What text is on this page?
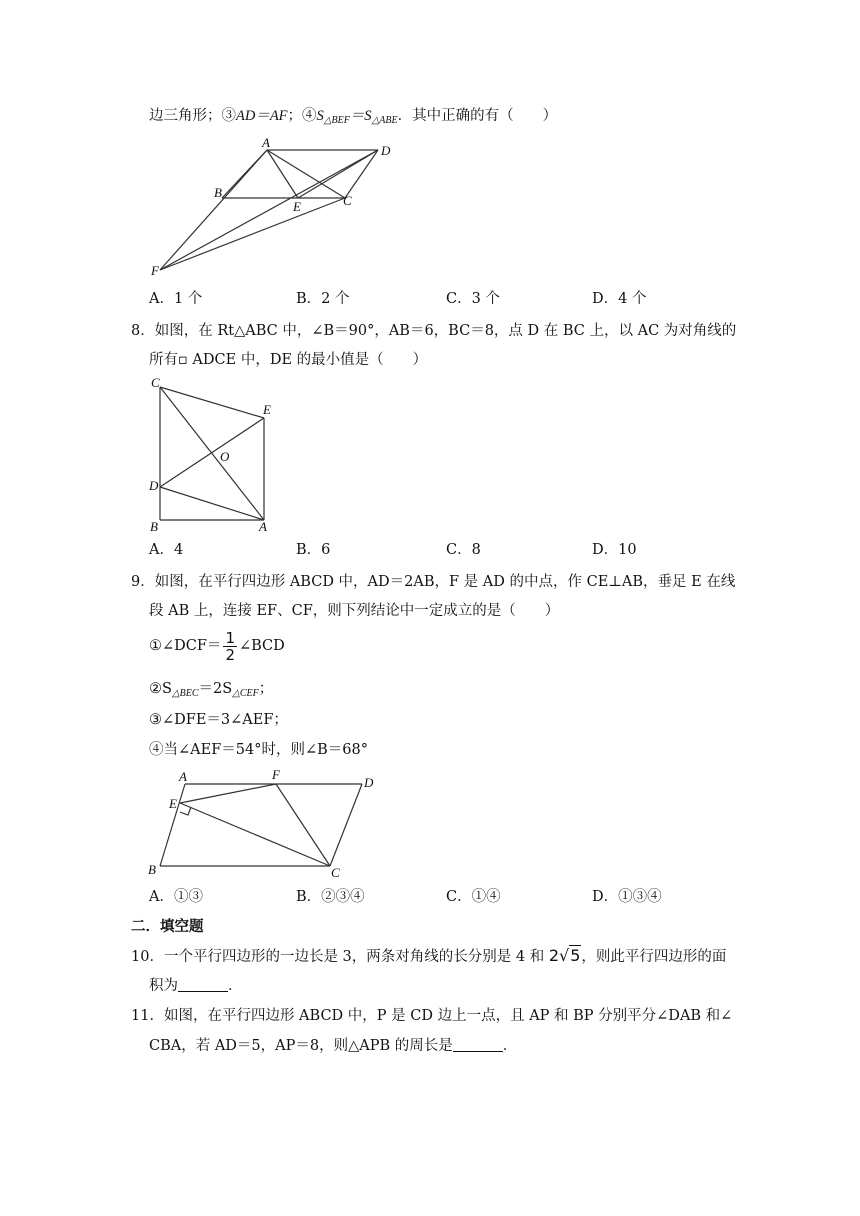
边三角形；③AD＝AF；$④S_{\triangle BEF}=S_{\triangle ABE}$．其中正确的有（　　）
A
D
B
E	C
F
A．1 个	B．2 个	C．3 个	D．4 个
8．如图，在 Rt△ABC 中，∠B＝90°，AB＝6，BC＝8，点 D 在 BC 上，以 AC 为对角线的
所有▫ ADCE 中，DE 的最小值是（　　）
C
E
O
D
B	A
A．4	B．6	C．8	D．10
9．如图，在平行四边形 ABCD 中，AD＝2AB，F 是 AD 的中点，作 CE⊥AB，垂足 E 在线
段 AB 上，连接 EF、CF，则下列结论中一定成立的是（　　）
①∠DCF＝ $\frac{1}{2}$ ∠BCD
$②S_{\triangle BEC}=2S_{\triangle CEF}$；
③∠DFE＝3∠AEF；
④当∠AEF＝54°时，则∠B＝68°
A	F
D
E
B	C
A．①③	B．②③④	C．①④	D．①③④
二．填空题
10．一个平行四边形的一边长是 3，两条对角线的长分别是 4 和 2√5，则此平行四边形的面
积为	．
11．如图，在平行四边形 ABCD 中，P 是 CD 边上一点，且 AP 和 BP 分别平分∠DAB 和∠
CBA，若 AD＝5，AP＝8，则△APB 的周长是	．
